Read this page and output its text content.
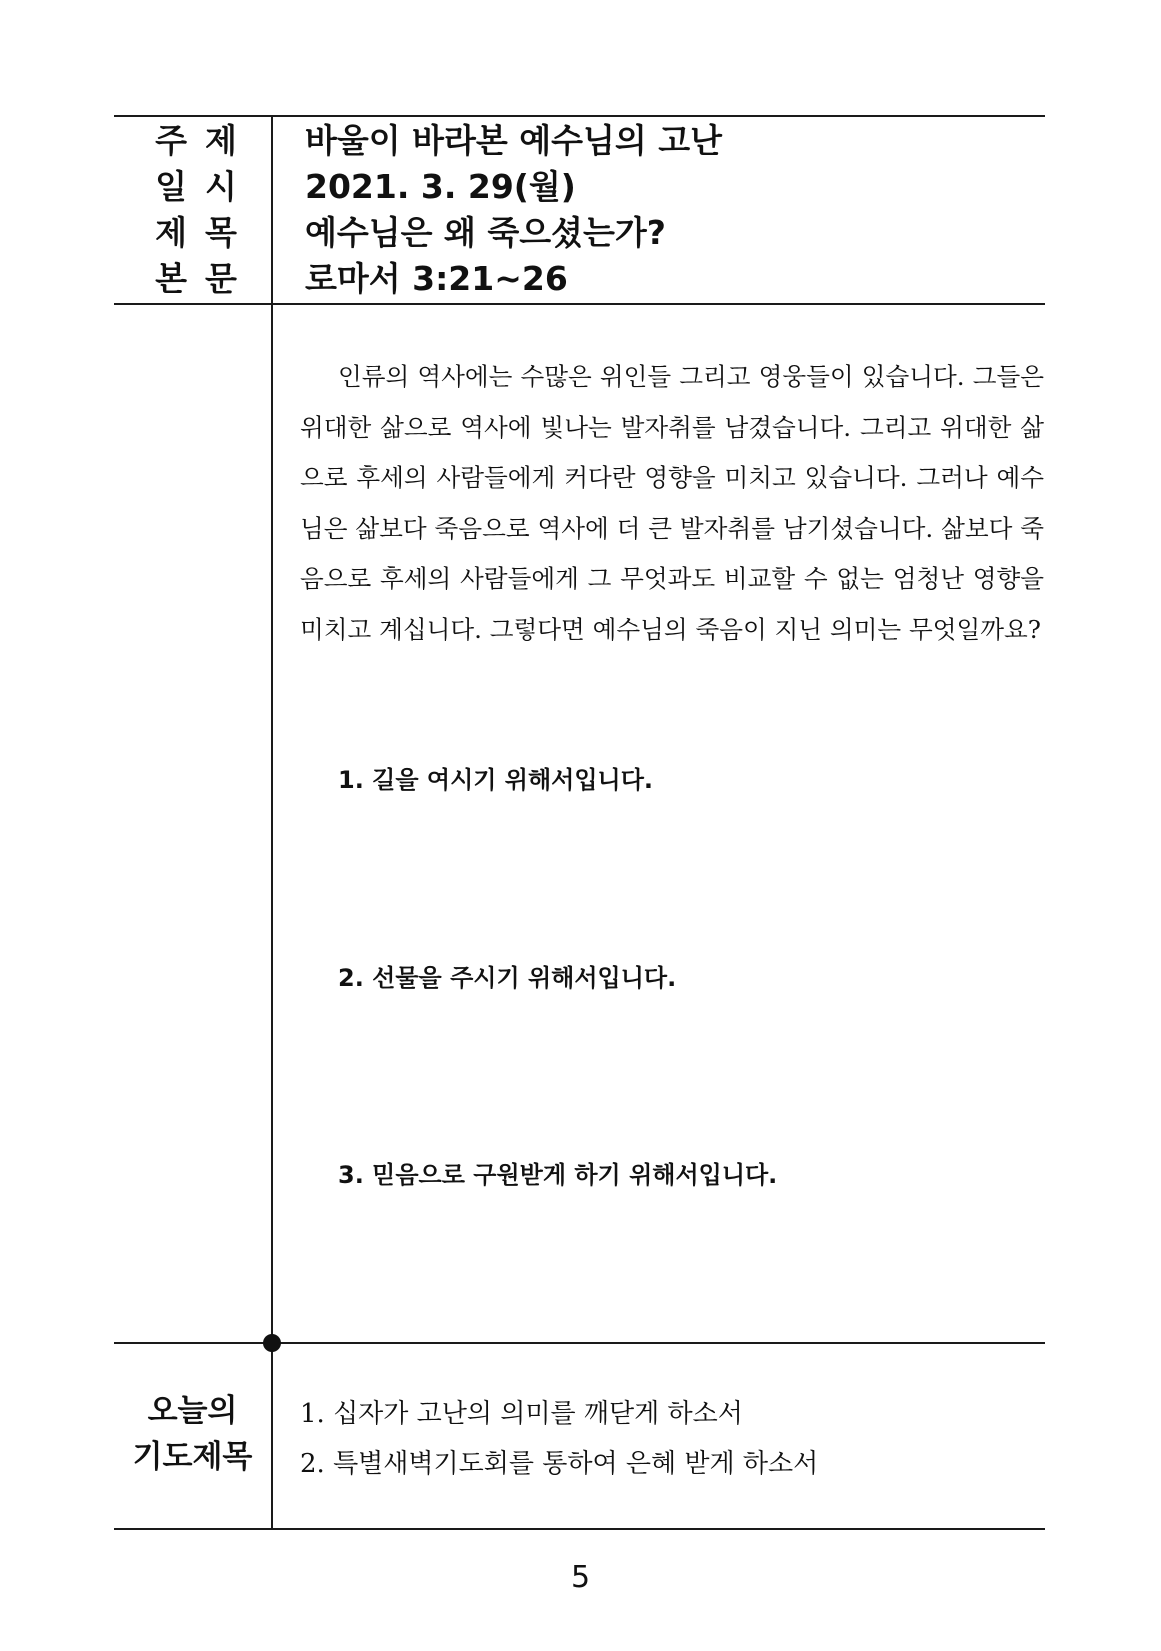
주제 바울이 바라본 예수님의 고난
일시 2021. 3. 29(월)
제목 예수님은 왜 죽으셨는가?
본문 로마서 3:21~26

인류의 역사에는 수많은 위인들 그리고 영웅들이 있습니다. 그들은 위대한 삶으로 역사에 빛나는 발자취를 남겼습니다. 그리고 위대한 삶으로 후세의 사람들에게 커다란 영향을 미치고 있습니다. 그러나 예수님은 삶보다 죽음으로 역사에 더 큰 발자취를 남기셨습니다. 삶보다 죽음으로 후세의 사람들에게 그 무엇과도 비교할 수 없는 엄청난 영향을 미치고 계십니다. 그렇다면 예수님의 죽음이 지닌 의미는 무엇일까요?

1. 길을 여시기 위해서입니다.
2. 선물을 주시기 위해서입니다.
3. 믿음으로 구원받게 하기 위해서입니다.
오늘의
기도제목
1. 십자가 고난의 의미를 깨닫게 하소서
2. 특별새벽기도회를 통하여 은혜 받게 하소서
5
